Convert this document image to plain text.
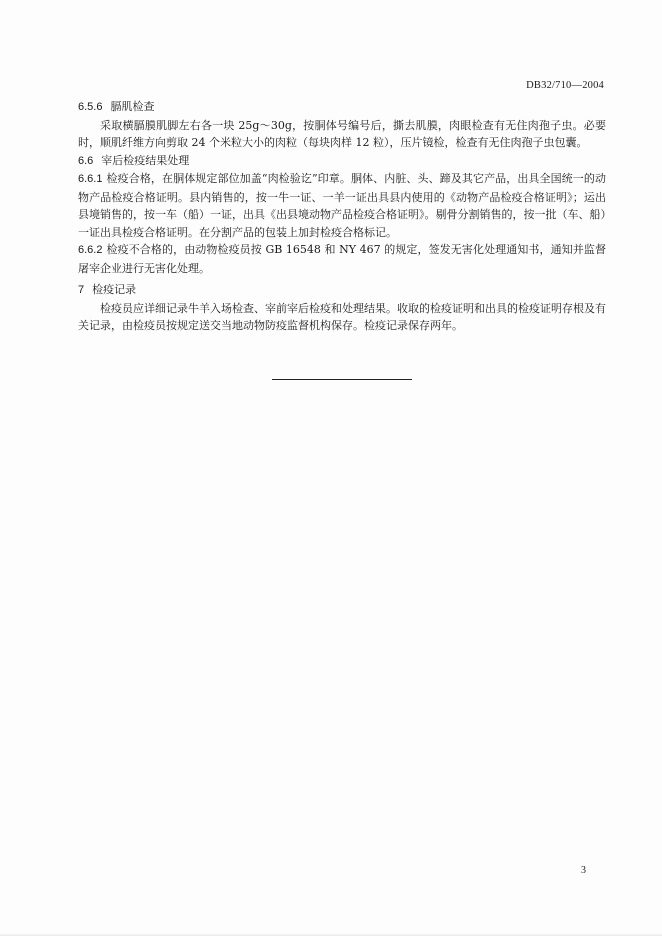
DB32/710—2004

6.5.6 膈肌检查

采取横膈膜肌脚左右各一块 25g～30g，按胴体号编号后，撕去肌膜，肉眼检查有无住肉孢子虫。必要时，顺肌纤维方向剪取 24 个米粒大小的肉粒（每块肉样 12 粒），压片镜检，检查有无住肉孢子虫包囊。

6.6 宰后检疫结果处理

6.6.1 检疫合格，在胴体规定部位加盖“肉检验讫”印章。胴体、内脏、头、蹄及其它产品，出具全国统一的动物产品检疫合格证明。县内销售的，按一牛一证、一羊一证出具县内使用的《动物产品检疫合格证明》；运出县境销售的，按一车（船）一证，出具《出县境动物产品检疫合格证明》。剔骨分割销售的，按一批（车、船）一证出具检疫合格证明。在分割产品的包装上加封检疫合格标记。

6.6.2 检疫不合格的，由动物检疫员按 GB 16548 和 NY 467 的规定，签发无害化处理通知书，通知并监督屠宰企业进行无害化处理。

7 检疫记录

检疫员应详细记录牛羊入场检查、宰前宰后检疫和处理结果。收取的检疫证明和出具的检疫证明存根及有关记录，由检疫员按规定送交当地动物防疫监督机构保存。检疫记录保存两年。

3
